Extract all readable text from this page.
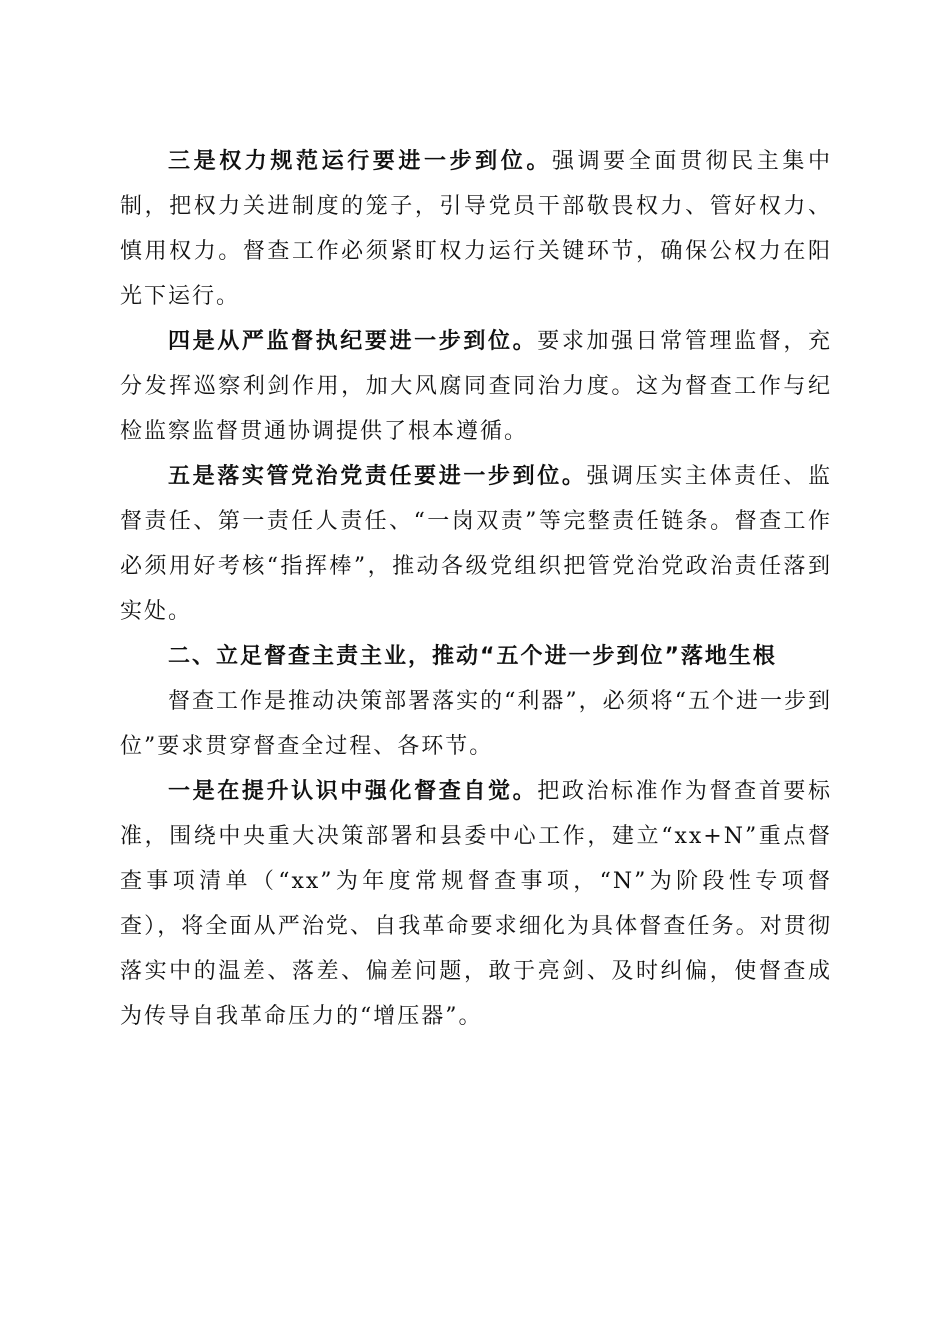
三是权力规范运行要进一步到位。强调要全面贯彻民主集中制，把权力关进制度的笼子，引导党员干部敬畏权力、管好权力、慎用权力。督查工作必须紧盯权力运行关键环节，确保公权力在阳光下运行。

四是从严监督执纪要进一步到位。要求加强日常管理监督，充分发挥巡察利剑作用，加大风腐同查同治力度。这为督查工作与纪检监察监督贯通协调提供了根本遵循。

五是落实管党治党责任要进一步到位。强调压实主体责任、监督责任、第一责任人责任、“一岗双责”等完整责任链条。督查工作必须用好考核“指挥棒”，推动各级党组织把管党治党政治责任落到实处。

二、立足督查主责主业，推动“五个进一步到位”落地生根

督查工作是推动决策部署落实的“利器”，必须将“五个进一步到位”要求贯穿督查全过程、各环节。

一是在提升认识中强化督查自觉。把政治标准作为督查首要标准，围绕中央重大决策部署和县委中心工作，建立“xx+N”重点督查事项清单（“xx”为年度常规督查事项，“N”为阶段性专项督查），将全面从严治党、自我革命要求细化为具体督查任务。对贯彻落实中的温差、落差、偏差问题，敢于亮剑、及时纠偏，使督查成为传导自我革命压力的“增压器”。
